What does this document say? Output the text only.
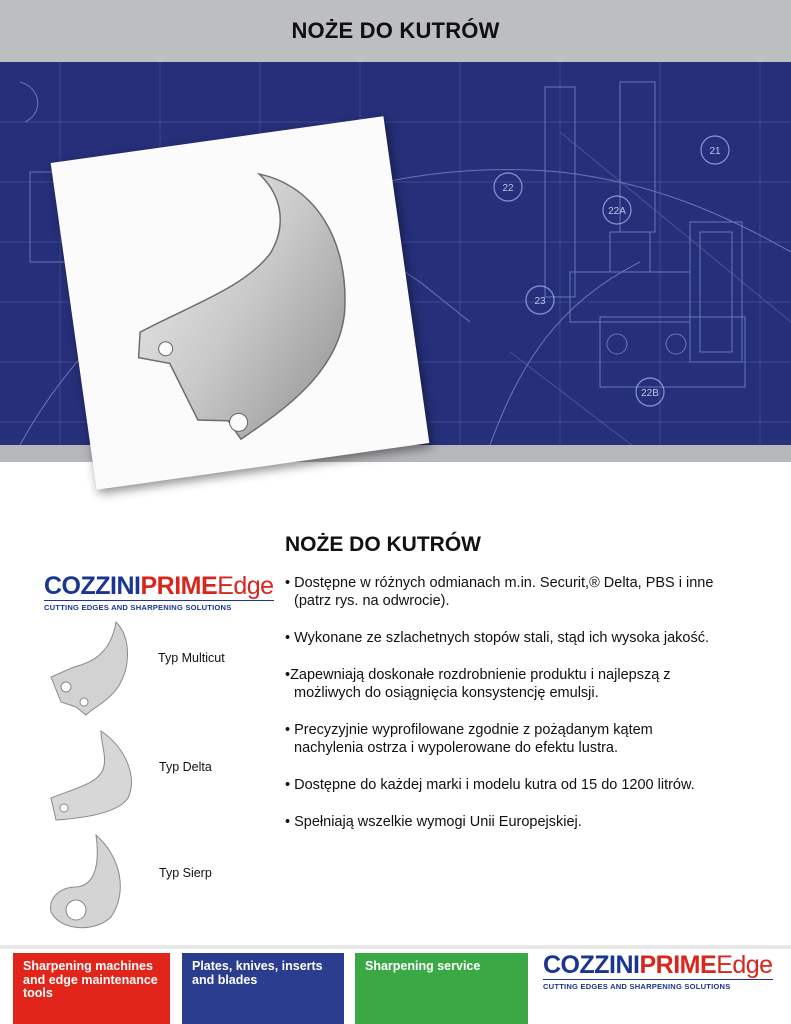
NOŻE DO KUTRÓW
21
22
22A
23
22B
COZZINIPRIMEEdge
CUTTING EDGES AND SHARPENING SOLUTIONS
Typ Multicut
Typ Delta
Typ Sierp
NOŻE DO KUTRÓW
• Dostępne w różnych odmianach m.in. Securit,® Delta, PBS i inne
(patrz rys. na odwrocie).
• Wykonane ze szlachetnych stopów stali, stąd ich wysoka jakość.
•Zapewniają doskonałe rozdrobnienie produktu i najlepszą z
możliwych do osiągnięcia konsystencję emulsji.
• Precyzyjnie wyprofilowane zgodnie z pożądanym kątem
nachylenia ostrza i wypolerowane do efektu lustra.
• Dostępne do każdej marki i modelu kutra od 15 do 1200 litrów.
• Spełniają wszelkie wymogi Unii Europejskiej.
Sharpening machines and edge maintenance tools
Plates, knives, inserts and blades
Sharpening service	COZZINIPRIMEEdge
CUTTING EDGES AND SHARPENING SOLUTIONS
